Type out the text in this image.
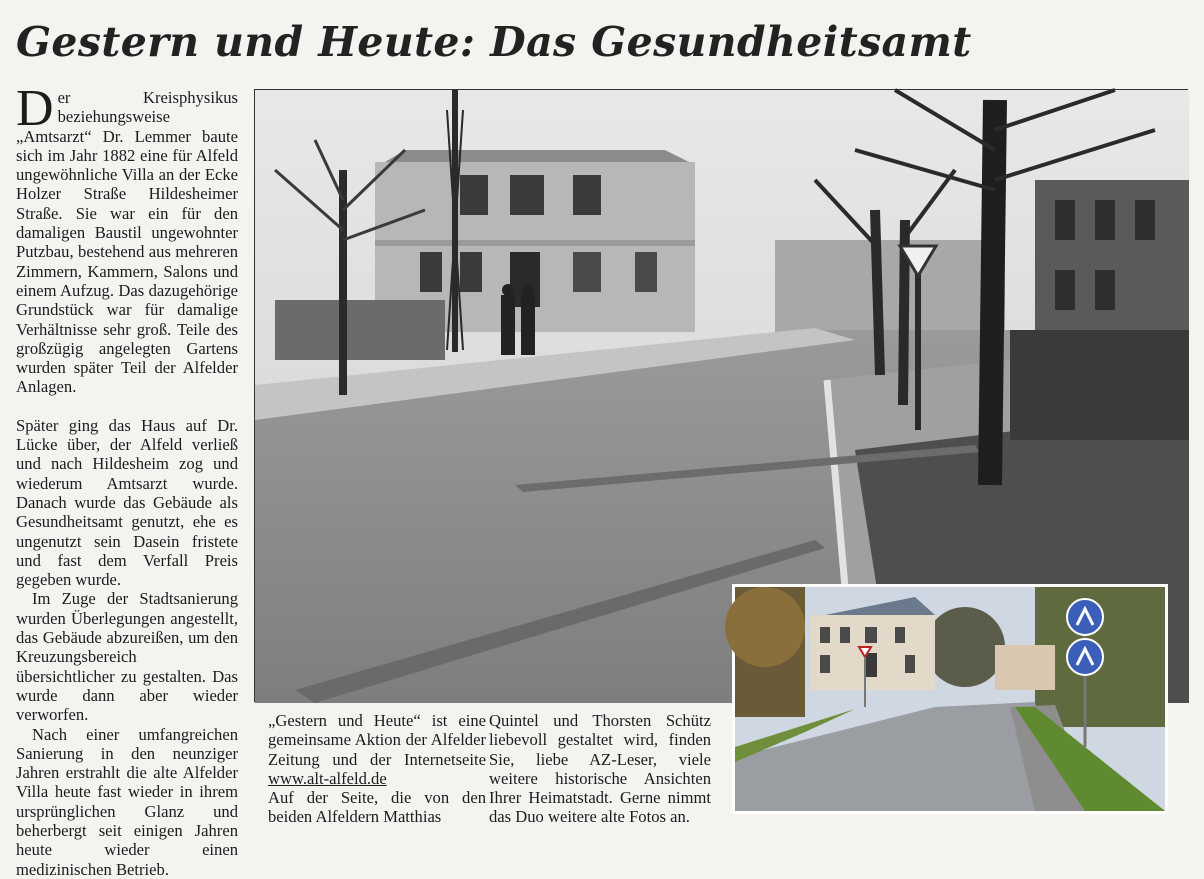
Gestern und Heute: Das Gesundheitsamt

Der Kreisphysikus beziehungsweise „Amtsarzt“ Dr. Lemmer baute sich im Jahr 1882 eine für Alfeld ungewöhnliche Villa an der Ecke Holzer Straße Hildesheimer Straße. Sie war ein für den damaligen Baustil ungewohnter Putzbau, bestehend aus mehreren Zimmern, Kammern, Salons und einem Aufzug. Das dazugehörige Grundstück war für damalige Verhältnisse sehr groß. Teile des großzügig angelegten Gartens wurden später Teil der Alfelder Anlagen.

Später ging das Haus auf Dr. Lücke über, der Alfeld verließ und nach Hildesheim zog und wiederum Amtsarzt wurde. Danach wurde das Gebäude als Gesundheitsamt genutzt, ehe es ungenutzt sein Dasein fristete und fast dem Verfall Preis gegeben wurde.

Im Zuge der Stadtsanierung wurden Überlegungen angestellt, das Gebäude abzureißen, um den Kreuzungsbereich übersichtlicher zu gestalten. Das wurde dann aber wieder verworfen.

Nach einer umfangreichen Sanierung in den neunziger Jahren erstrahlt die alte Alfelder Villa heute fast wieder in ihrem ursprünglichen Glanz und beherbergt seit einigen Jahren heute wieder einen medizinischen Betrieb.

„Gestern und Heute“ ist eine gemeinsame Aktion der Alfelder Zeitung und der Internetseite www.alt-alfeld.de

Auf der Seite, die von den beiden Alfeldern Matthias

Quintel und Thorsten Schütz liebevoll gestaltet wird, finden Sie, liebe AZ-Leser, viele weitere historische Ansichten Ihrer Heimatstadt. Gerne nimmt das Duo weitere alte Fotos an.
